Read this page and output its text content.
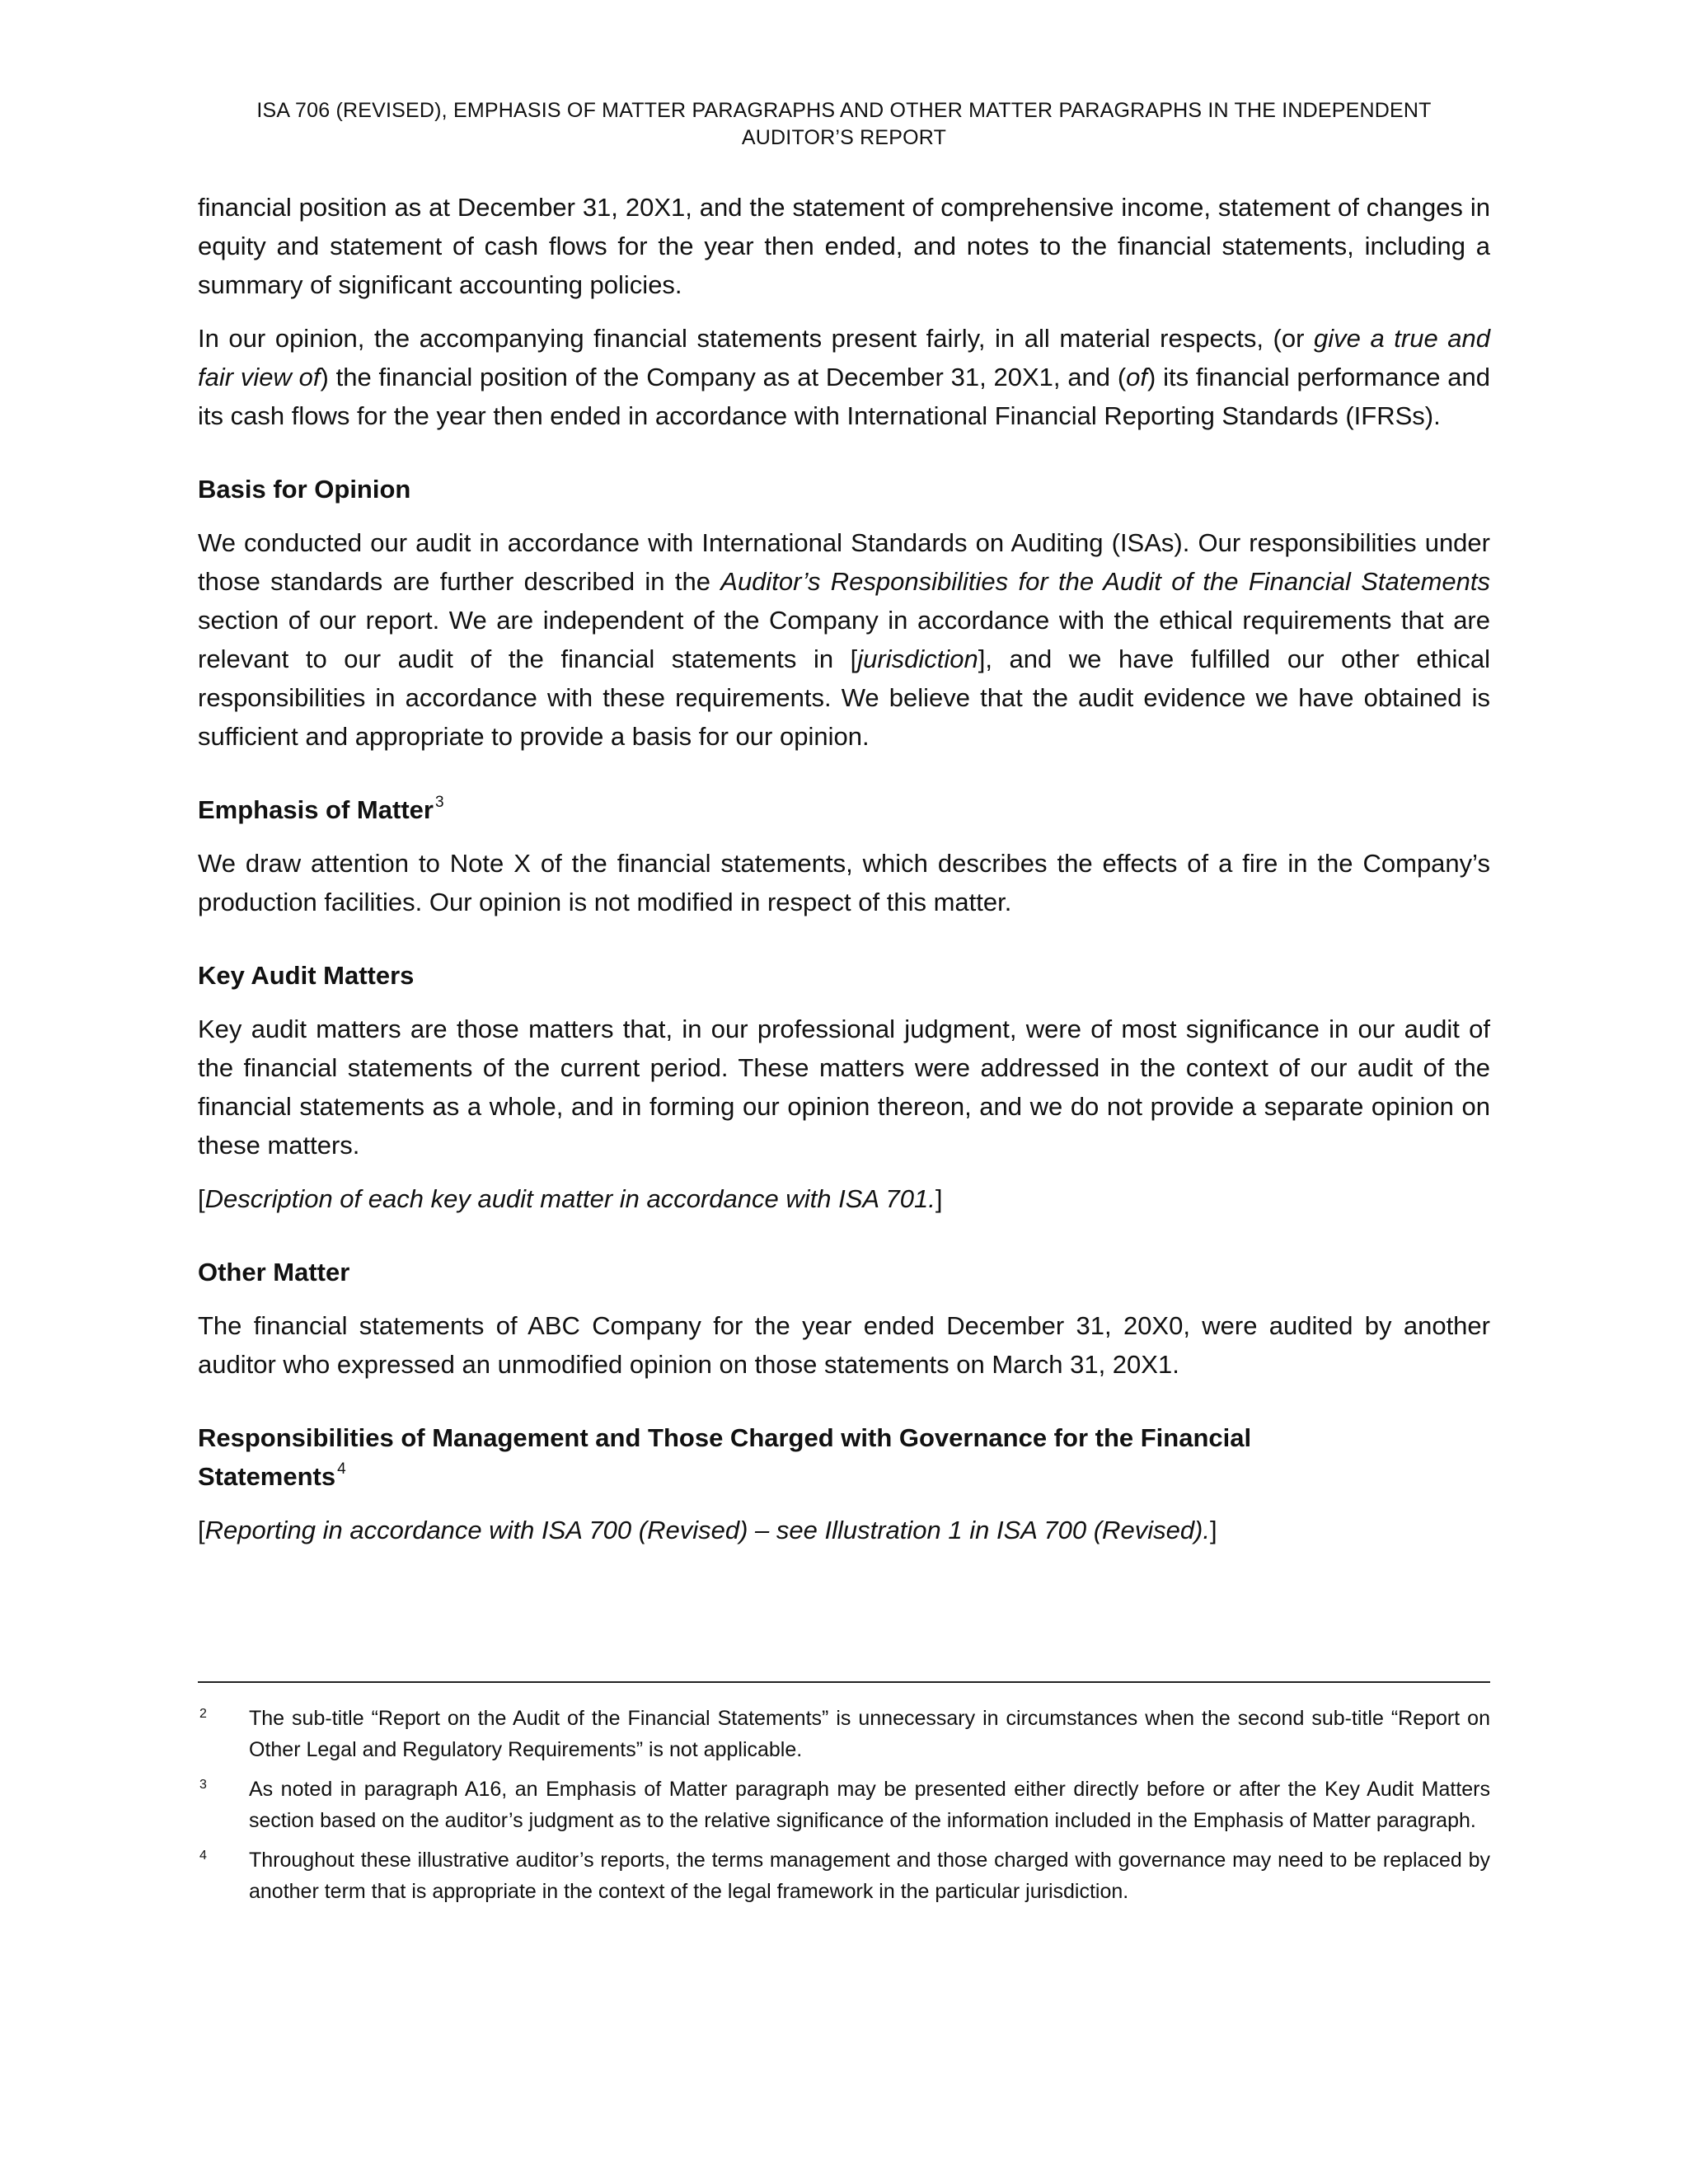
ISA 706 (REVISED), EMPHASIS OF MATTER PARAGRAPHS AND OTHER MATTER PARAGRAPHS IN THE INDEPENDENT
AUDITOR’S REPORT

financial position as at December 31, 20X1, and the statement of comprehensive income, statement of changes in equity and statement of cash flows for the year then ended, and notes to the financial statements, including a summary of significant accounting policies.

In our opinion, the accompanying financial statements present fairly, in all material respects, (or give a true and fair view of) the financial position of the Company as at December 31, 20X1, and (of) its financial performance and its cash flows for the year then ended in accordance with International Financial Reporting Standards (IFRSs).

Basis for Opinion

We conducted our audit in accordance with International Standards on Auditing (ISAs). Our responsibilities under those standards are further described in the Auditor’s Responsibilities for the Audit of the Financial Statements section of our report. We are independent of the Company in accordance with the ethical requirements that are relevant to our audit of the financial statements in [jurisdiction], and we have fulfilled our other ethical responsibilities in accordance with these requirements. We believe that the audit evidence we have obtained is sufficient and appropriate to provide a basis for our opinion.

Emphasis of Matter $^3$

We draw attention to Note X of the financial statements, which describes the effects of a fire in the Company’s production facilities. Our opinion is not modified in respect of this matter.

Key Audit Matters

Key audit matters are those matters that, in our professional judgment, were of most significance in our audit of the financial statements of the current period. These matters were addressed in the context of our audit of the financial statements as a whole, and in forming our opinion thereon, and we do not provide a separate opinion on these matters.

[Description of each key audit matter in accordance with ISA 701.]

Other Matter

The financial statements of ABC Company for the year ended December 31, 20X0, were audited by another auditor who expressed an unmodified opinion on those statements on March 31, 20X1.

Responsibilities of Management and Those Charged with Governance for the Financial
Statements $^4$

[Reporting in accordance with ISA 700 (Revised) – see Illustration 1 in ISA 700 (Revised).]

2	The sub-title “Report on the Audit of the Financial Statements” is unnecessary in circumstances when the second sub-title “Report on Other Legal and Regulatory Requirements” is not applicable.
3	As noted in paragraph A16, an Emphasis of Matter paragraph may be presented either directly before or after the Key Audit Matters section based on the auditor’s judgment as to the relative significance of the information included in the Emphasis of Matter paragraph.
4	Throughout these illustrative auditor’s reports, the terms management and those charged with governance may need to be replaced by another term that is appropriate in the context of the legal framework in the particular jurisdiction.
